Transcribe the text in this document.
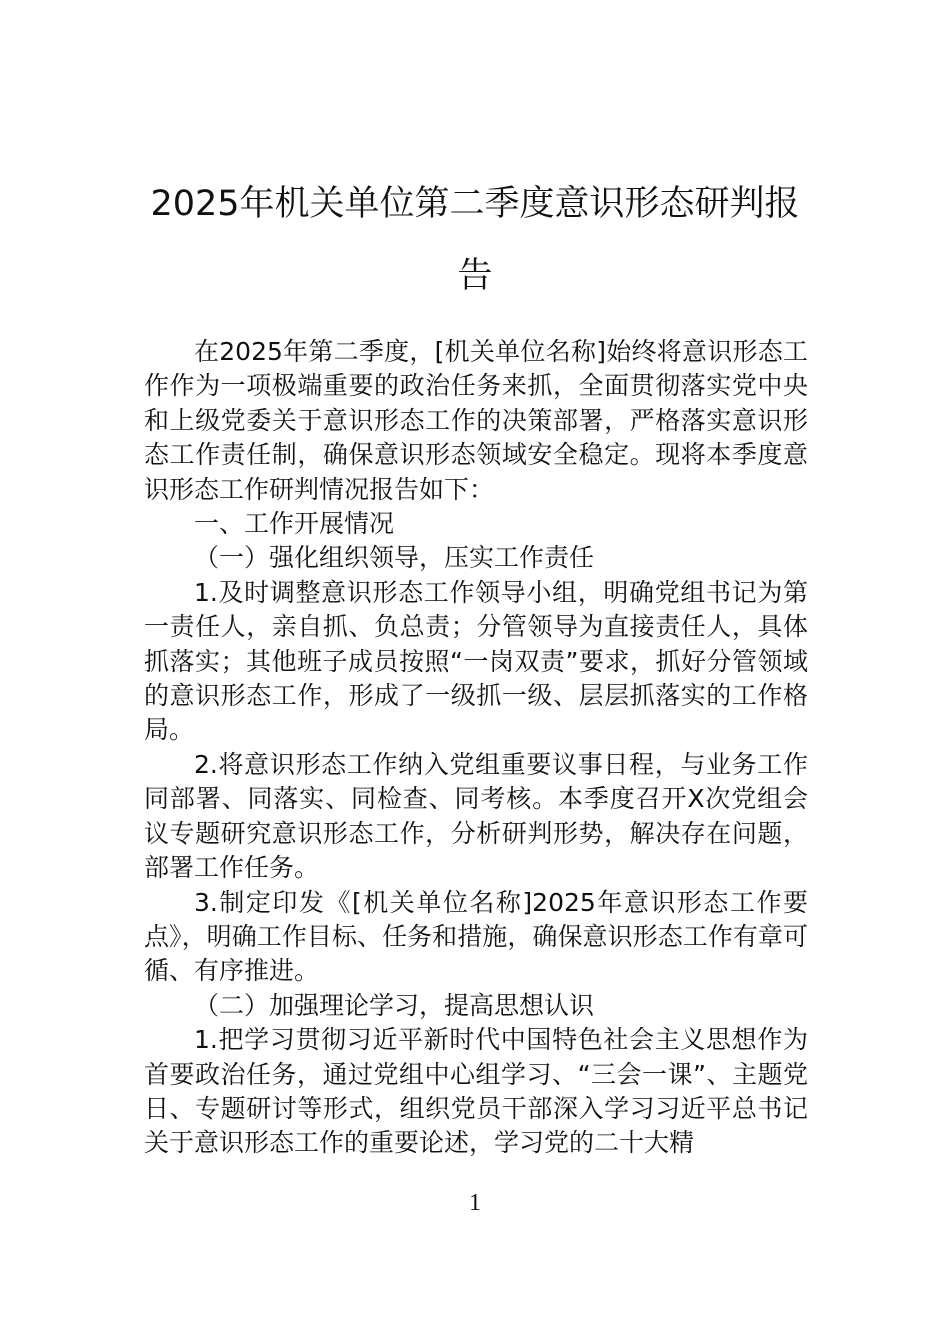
2025年机关单位第二季度意识形态研判报
告

在2025年第二季度，[机关单位名称]始终将意识形态工作作为一项极端重要的政治任务来抓，全面贯彻落实党中央和上级党委关于意识形态工作的决策部署，严格落实意识形态工作责任制，确保意识形态领域安全稳定。现将本季度意识形态工作研判情况报告如下：

一、工作开展情况

（一）强化组织领导，压实工作责任

1.及时调整意识形态工作领导小组，明确党组书记为第一责任人，亲自抓、负总责；分管领导为直接责任人，具体抓落实；其他班子成员按照“一岗双责”要求，抓好分管领域的意识形态工作，形成了一级抓一级、层层抓落实的工作格局。

2.将意识形态工作纳入党组重要议事日程，与业务工作同部署、同落实、同检查、同考核。本季度召开X次党组会议专题研究意识形态工作，分析研判形势，解决存在问题，部署工作任务。

3.制定印发《[机关单位名称]2025年意识形态工作要点》，明确工作目标、任务和措施，确保意识形态工作有章可循、有序推进。

（二）加强理论学习，提高思想认识

1.把学习贯彻习近平新时代中国特色社会主义思想作为首要政治任务，通过党组中心组学习、“三会一课”、主题党日、专题研讨等形式，组织党员干部深入学习习近平总书记关于意识形态工作的重要论述，学习党的二十大精

1
